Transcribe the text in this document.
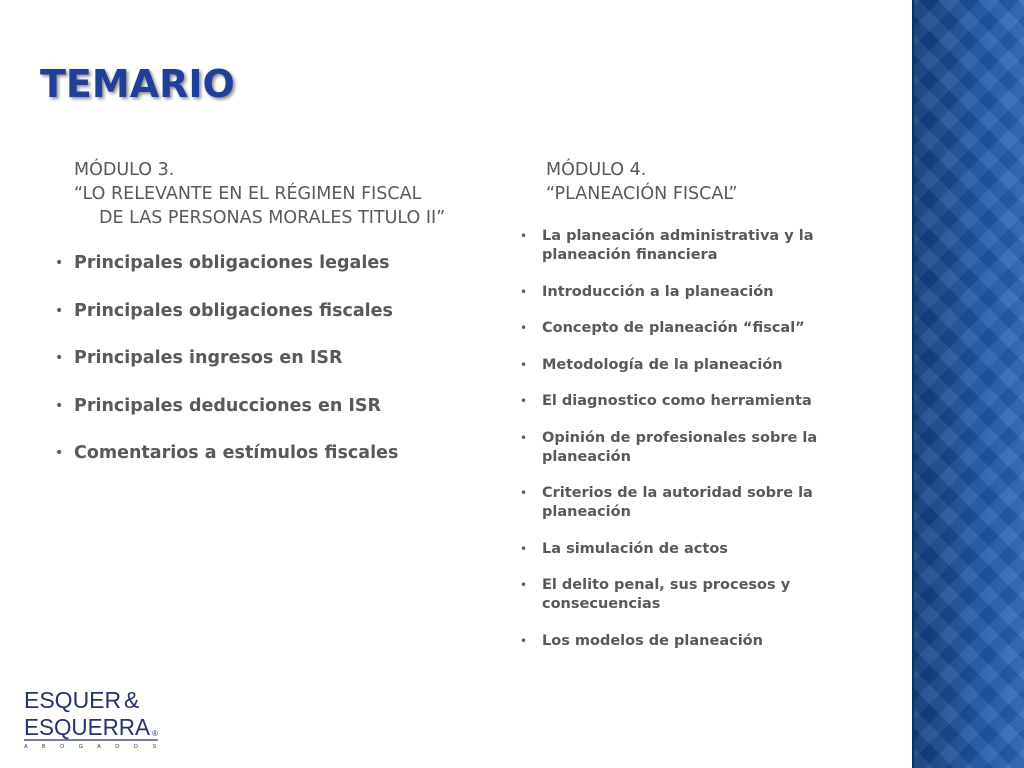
TEMARIO
MÓDULO 3.
“LO RELEVANTE EN EL RÉGIMEN FISCAL
DE LAS PERSONAS MORALES TITULO II”
• Principales obligaciones legales
• Principales obligaciones fiscales
• Principales ingresos en ISR
• Principales deducciones en ISR
• Comentarios a estímulos fiscales
MÓDULO 4.
“PLANEACIÓN FISCAL”
• La planeación administrativa y la planeación financiera
• Introducción a la planeación
• Concepto de planeación “fiscal”
• Metodología de la planeación
• El diagnostico como herramienta
• Opinión de profesionales sobre la planeación
• Criterios de la autoridad sobre la planeación
• La simulación de actos
• El delito penal, sus procesos y consecuencias
• Los modelos de planeación
ESQUER &
ESQUERRA ®
A B O G A D O S
